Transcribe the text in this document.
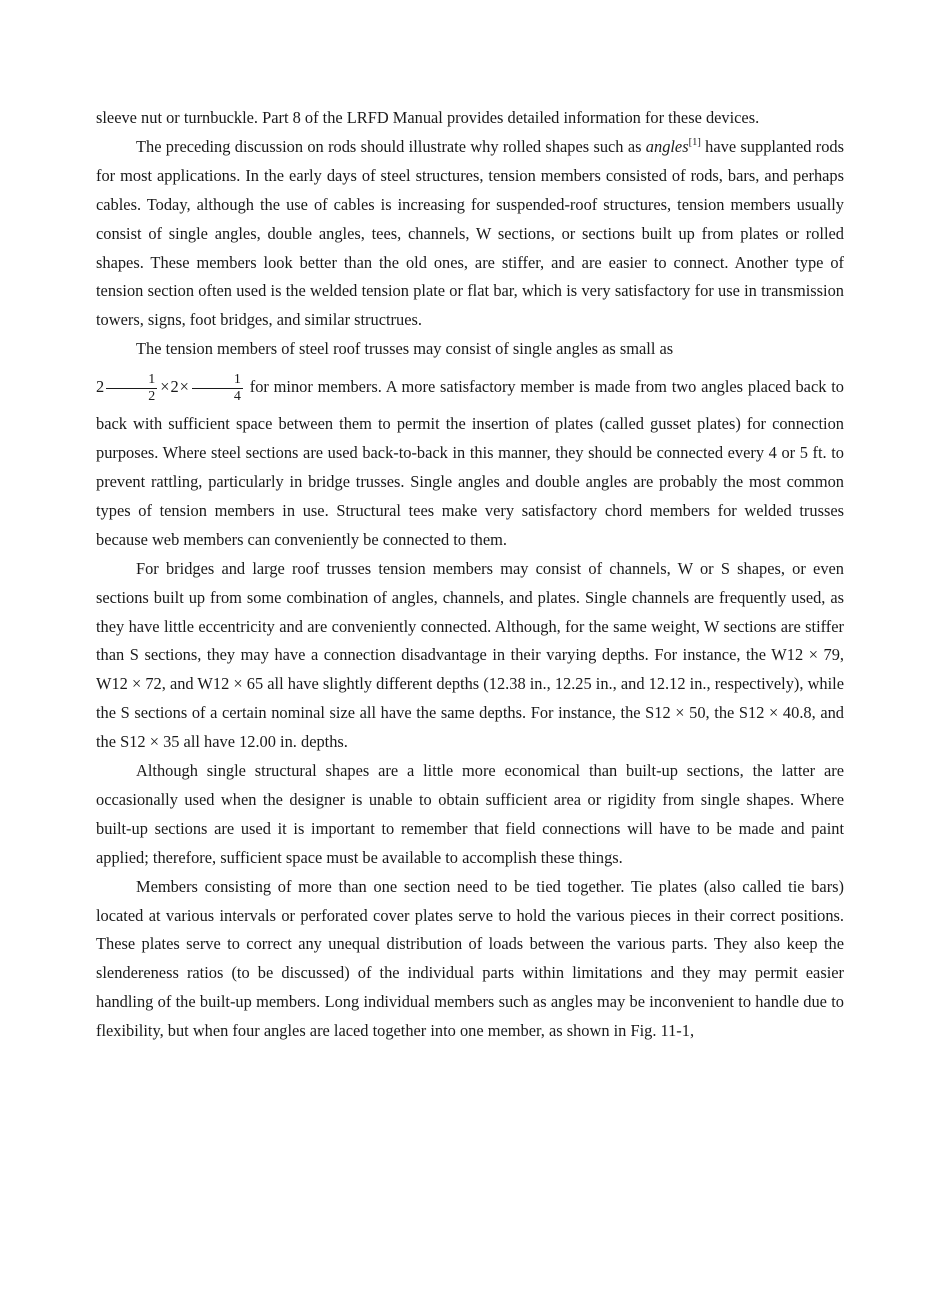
sleeve nut or turnbuckle. Part 8 of the LRFD Manual provides detailed information for these devices.

The preceding discussion on rods should illustrate why rolled shapes such as angles[1] have supplanted rods for most applications. In the early days of steel structures, tension members consisted of rods, bars, and perhaps cables. Today, although the use of cables is increasing for suspended-roof structures, tension members usually consist of single angles, double angles, tees, channels, W sections, or sections built up from plates or rolled shapes. These members look better than the old ones, are stiffer, and are easier to connect. Another type of tension section often used is the welded tension plate or flat bar, which is very satisfactory for use in transmission towers, signs, foot bridges, and similar structrues.

The tension members of steel roof trusses may consist of single angles as small as
$2 \frac{1}{2} \times 2\times \frac{1}{4}$ for minor members. A more satisfactory member is made from two angles placed back to back with sufficient space between them to permit the insertion of plates (called gusset plates) for connection purposes. Where steel sections are used back-to-back in this manner, they should be connected every 4 or 5 ft. to prevent rattling, particularly in bridge trusses. Single angles and double angles are probably the most common types of tension members in use. Structural tees make very satisfactory chord members for welded trusses because web members can conveniently be connected to them.

For bridges and large roof trusses tension members may consist of channels, W or S shapes, or even sections built up from some combination of angles, channels, and plates. Single channels are frequently used, as they have little eccentricity and are conveniently connected. Although, for the same weight, W sections are stiffer than S sections, they may have a connection disadvantage in their varying depths. For instance, the W12 × 79, W12 × 72, and W12 × 65 all have slightly different depths (12.38 in., 12.25 in., and 12.12 in., respectively), while the S sections of a certain nominal size all have the same depths. For instance, the S12 × 50, the S12 × 40.8, and the S12 × 35 all have 12.00 in. depths.

Although single structural shapes are a little more economical than built-up sections, the latter are occasionally used when the designer is unable to obtain sufficient area or rigidity from single shapes. Where built-up sections are used it is important to remember that field connections will have to be made and paint applied; therefore, sufficient space must be available to accomplish these things.

Members consisting of more than one section need to be tied together. Tie plates (also called tie bars) located at various intervals or perforated cover plates serve to hold the various pieces in their correct positions. These plates serve to correct any unequal distribution of loads between the various parts. They also keep the slendereness ratios (to be discussed) of the individual parts within limitations and they may permit easier handling of the built-up members. Long individual members such as angles may be inconvenient to handle due to flexibility, but when four angles are laced together into one member, as shown in Fig. 11-1,
